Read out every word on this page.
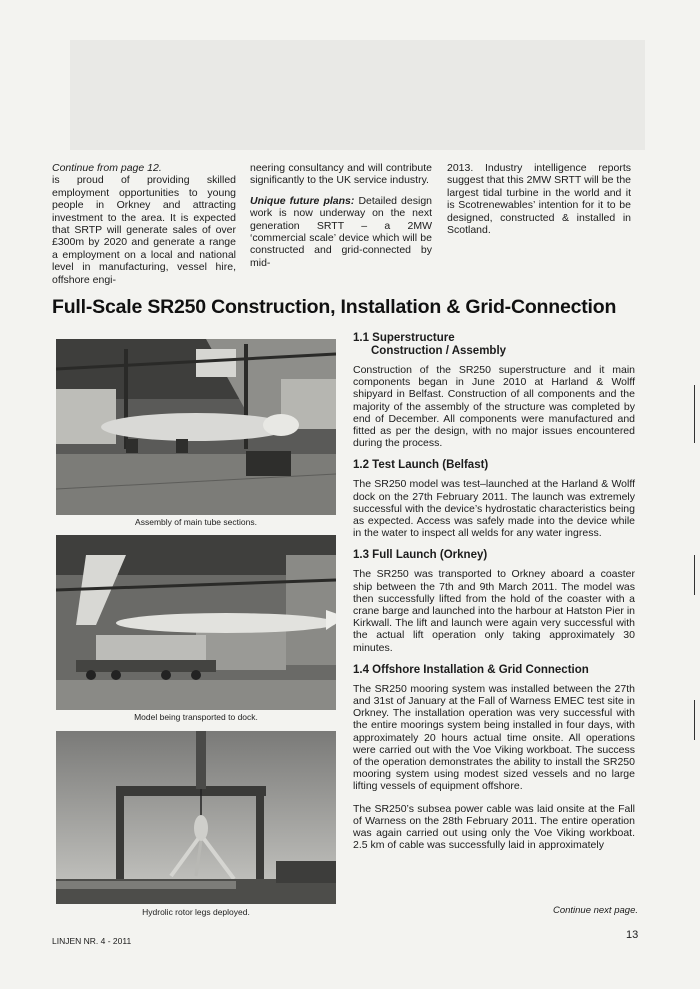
Continue from page 12.

is proud of providing skilled employment opportunities to young people in Orkney and attracting investment to the area. It is expected that SRTP will generate sales of over £300m by 2020 and generate a range a employment on a local and national level in manufacturing, vessel hire, offshore engi-

neering consultancy and will contribute significantly to the UK service industry.

Unique future plans: Detailed design work is now underway on the next generation SRTT – a 2MW ‘commercial scale’ device which will be constructed and grid-connected by mid-

2013. Industry intelligence reports suggest that this 2MW SRTT will be the largest tidal turbine in the world and it is Scotrenewables’ intention for it to be designed, constructed & installed in Scotland.

Full-Scale SR250 Construction, Installation & Grid-Connection
Assembly of main tube sections.
Model being transported to dock.
Hydrolic rotor legs deployed.
1.1 Superstructure
Construction / Assembly

Construction of the SR250 superstructure and it main components began in June 2010 at Harland & Wolff shipyard in Belfast. Construction of all components and the majority of the assembly of the structure was completed by end of December. All components were manufactured and fitted as per the design, with no major issues encountered during the process.

1.2 Test Launch (Belfast)

The SR250 model was test–launched at the Harland & Wolff dock on the 27th February 2011. The launch was extremely successful with the device’s hydrostatic characteristics being as expected. Access was safely made into the device while in the water to inspect all welds for any water ingress.

1.3 Full Launch (Orkney)

The SR250 was transported to Orkney aboard a coaster ship between the 7th and 9th March 2011. The model was then successfully lifted from the hold of the coaster with a crane barge and launched into the harbour at Hatston Pier in Kirkwall. The lift and launch were again very successful with the actual lift operation only taking approximately 30 minutes.

1.4 Offshore Installation & Grid Connection

The SR250 mooring system was installed between the 27th and 31st of January at the Fall of Warness EMEC test site in Orkney. The installation operation was very successful with the entire moorings system being installed in four days, with approximately 20 hours actual time onsite. All operations were carried out with the Voe Viking workboat. The success of the operation demonstrates the ability to install the SR250 mooring system using modest sized vessels and no large lifting vessels of equipment offshore.

The SR250’s subsea power cable was laid onsite at the Fall of Warness on the 28th February 2011. The entire operation was again carried out using only the Voe Viking workboat. 2.5 km of cable was successfully laid in approximately

Continue next page.
LINJEN NR. 4 - 2011	13
